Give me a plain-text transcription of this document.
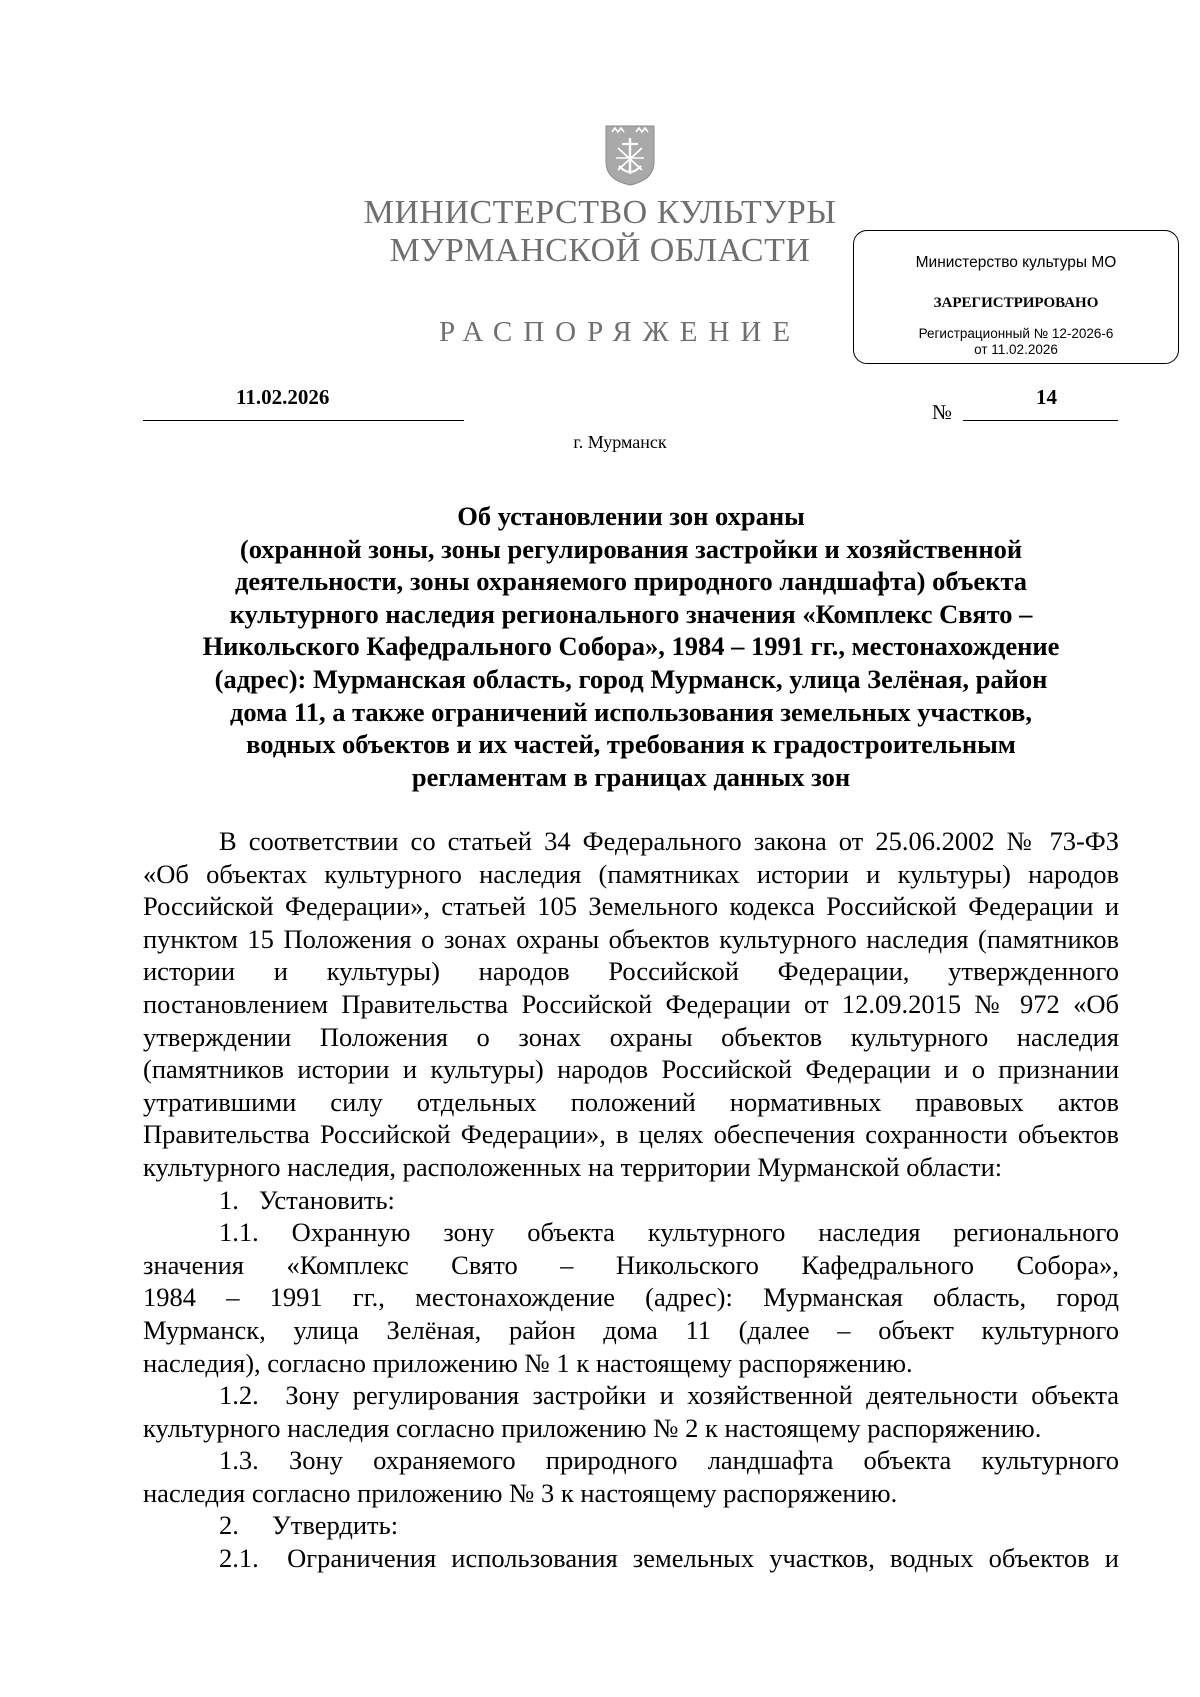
МИНИСТЕРСТВО КУЛЬТУРЫ
МУРМАНСКОЙ ОБЛАСТИ
РАСПОРЯЖЕНИЕ
Министерство культуры МО
ЗАРЕГИСТРИРОВАНО
Регистрационный № 12-2026-6
от 11.02.2026
11.02.2026
№
14
г. Мурманск
Об установлении зон охраны
(охранной зоны, зоны регулирования застройки и хозяйственной
деятельности, зоны охраняемого природного ландшафта) объекта
культурного наследия регионального значения «Комплекс Свято –
Никольского Кафедрального Собора», 1984 – 1991 гг., местонахождение
(адрес): Мурманская область, город Мурманск, улица Зелёная, район
дома 11, а также ограничений использования земельных участков,
водных объектов и их частей, требования к градостроительным
регламентам в границах данных зон

В соответствии со статьей 34 Федерального закона от 25.06.2002 № 73-ФЗ
«Об объектах культурного наследия (памятниках истории и культуры) народов
Российской Федерации», статьей 105 Земельного кодекса Российской Федерации и
пунктом 15 Положения о зонах охраны объектов культурного наследия (памятников
истории и культуры) народов Российской Федерации, утвержденного
постановлением Правительства Российской Федерации от 12.09.2015 № 972 «Об
утверждении Положения о зонах охраны объектов культурного наследия
(памятников истории и культуры) народов Российской Федерации и о признании
утратившими силу отдельных положений нормативных правовых актов
Правительства Российской Федерации», в целях обеспечения сохранности объектов
культурного наследия, расположенных на территории Мурманской области:

1.  Установить:

1.1. Охранную зону объекта культурного наследия регионального
значения «Комплекс Свято – Никольского Кафедрального Собора»,
1984 – 1991 гг., местонахождение (адрес): Мурманская область, город
Мурманск, улица Зелёная, район дома 11 (далее – объект культурного
наследия), согласно приложению № 1 к настоящему распоряжению.

1.2.  Зону регулирования застройки и хозяйственной деятельности объекта
культурного наследия согласно приложению № 2 к настоящему распоряжению.

1.3. Зону охраняемого природного ландшафта объекта культурного
наследия согласно приложению № 3 к настоящему распоряжению.

2.  Утвердить:

2.1.  Ограничения использования земельных участков, водных объектов и
